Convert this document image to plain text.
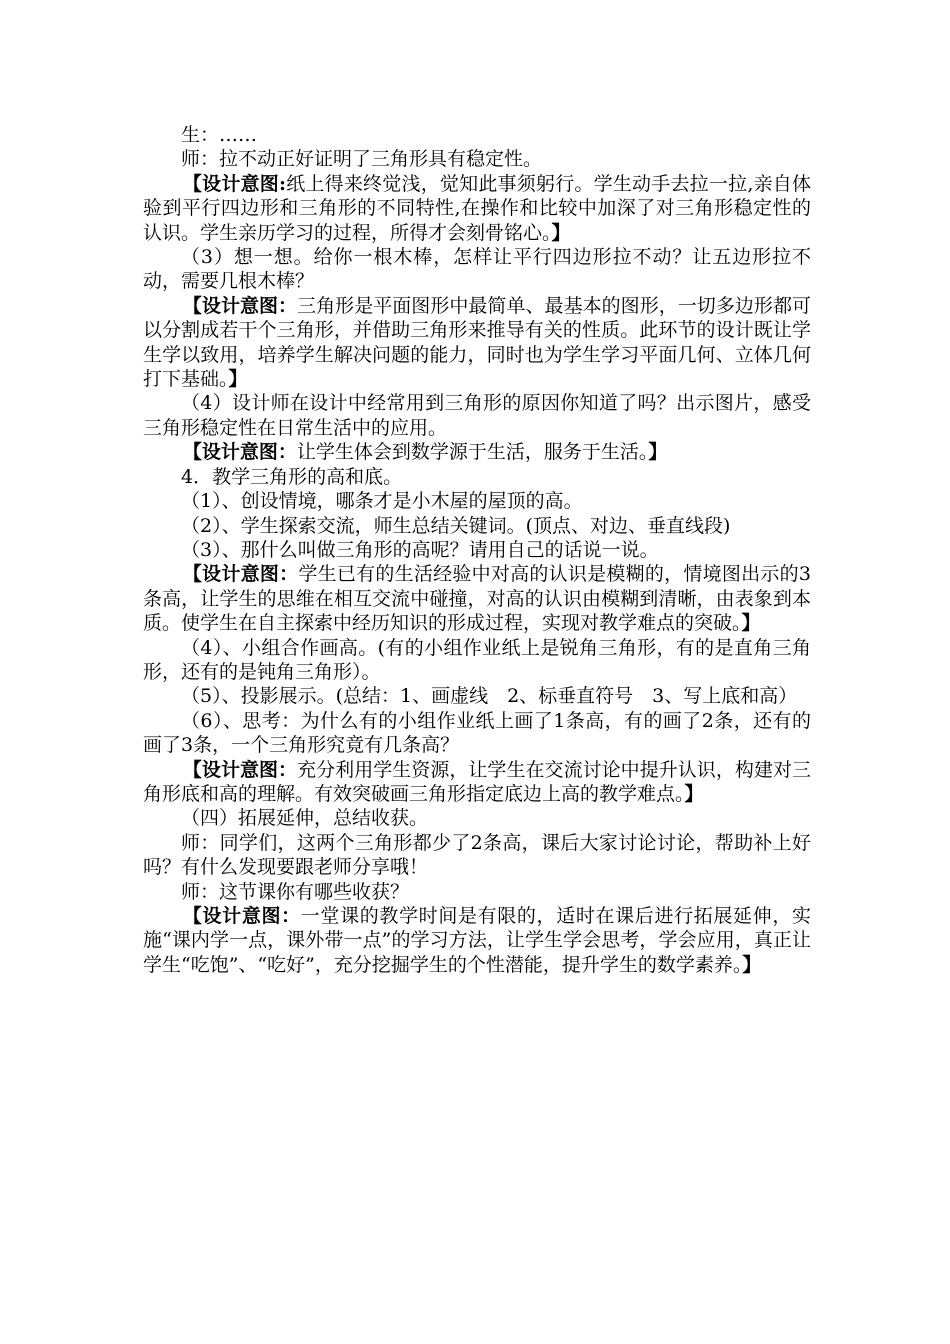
生：……

师：拉不动正好证明了三角形具有稳定性。

【设计意图:纸上得来终觉浅，觉知此事须躬行。学生动手去拉一拉,亲自体验到平行四边形和三角形的不同特性,在操作和比较中加深了对三角形稳定性的认识。学生亲历学习的过程，所得才会刻骨铭心。】

（3）想一想。给你一根木棒，怎样让平行四边形拉不动？让五边形拉不动，需要几根木棒？

【设计意图：三角形是平面图形中最简单、最基本的图形，一切多边形都可以分割成若干个三角形，并借助三角形来推导有关的性质。此环节的设计既让学生学以致用，培养学生解决问题的能力，同时也为学生学习平面几何、立体几何打下基础。】

（4）设计师在设计中经常用到三角形的原因你知道了吗？出示图片，感受三角形稳定性在日常生活中的应用。

【设计意图：让学生体会到数学源于生活，服务于生活。】

4．教学三角形的高和底。

（1）、创设情境，哪条才是小木屋的屋顶的高。

（2）、学生探索交流，师生总结关键词。(顶点、对边、垂直线段)

（3）、那什么叫做三角形的高呢？请用自己的话说一说。

【设计意图：学生已有的生活经验中对高的认识是模糊的，情境图出示的3条高，让学生的思维在相互交流中碰撞，对高的认识由模糊到清晰，由表象到本质。使学生在自主探索中经历知识的形成过程，实现对教学难点的突破。】

（4）、小组合作画高。(有的小组作业纸上是锐角三角形，有的是直角三角形，还有的是钝角三角形）。

（5）、投影展示。(总结：1、画虚线　2、标垂直符号　3、写上底和高）

（6）、思考：为什么有的小组作业纸上画了1条高，有的画了2条，还有的画了3条，一个三角形究竟有几条高？

【设计意图：充分利用学生资源，让学生在交流讨论中提升认识，构建对三角形底和高的理解。有效突破画三角形指定底边上高的教学难点。】

（四）拓展延伸，总结收获。

师：同学们，这两个三角形都少了2条高，课后大家讨论讨论，帮助补上好吗？有什么发现要跟老师分享哦！

师：这节课你有哪些收获？

【设计意图：一堂课的教学时间是有限的，适时在课后进行拓展延伸，实施“课内学一点，课外带一点”的学习方法，让学生学会思考，学会应用，真正让学生“吃饱”、“吃好”，充分挖掘学生的个性潜能，提升学生的数学素养。】
